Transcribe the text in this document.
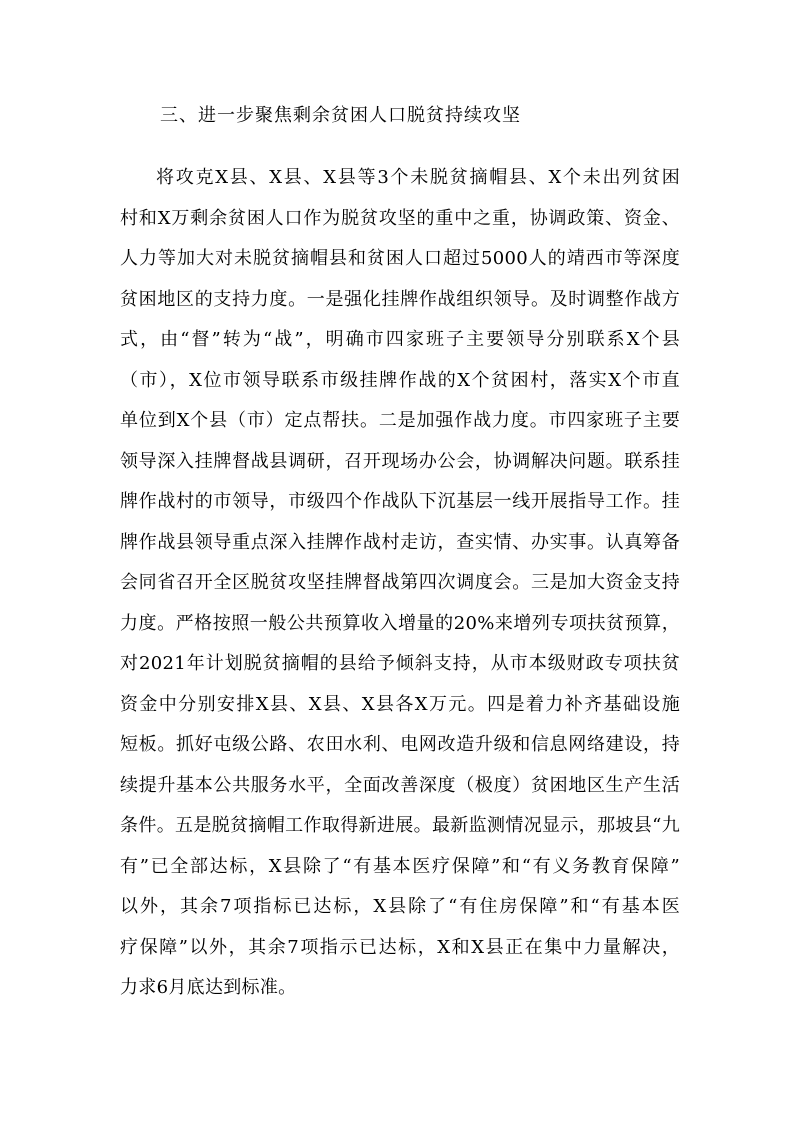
三、进一步聚焦剩余贫困人口脱贫持续攻坚
将攻克X县、X县、X县等3个未脱贫摘帽县、X个未出列贫困
村和X万剩余贫困人口作为脱贫攻坚的重中之重，协调政策、资金、
人力等加大对未脱贫摘帽县和贫困人口超过5000人的靖西市等深度
贫困地区的支持力度。一是强化挂牌作战组织领导。及时调整作战方
式，由“督”转为“战”，明确市四家班子主要领导分别联系X个县
（市），X位市领导联系市级挂牌作战的X个贫困村，落实X个市直
单位到X个县（市）定点帮扶。二是加强作战力度。市四家班子主要
领导深入挂牌督战县调研，召开现场办公会，协调解决问题。联系挂
牌作战村的市领导，市级四个作战队下沉基层一线开展指导工作。挂
牌作战县领导重点深入挂牌作战村走访，查实情、办实事。认真筹备
会同省召开全区脱贫攻坚挂牌督战第四次调度会。三是加大资金支持
力度。严格按照一般公共预算收入增量的20%来增列专项扶贫预算，
对2021年计划脱贫摘帽的县给予倾斜支持，从市本级财政专项扶贫
资金中分别安排X县、X县、X县各X万元。四是着力补齐基础设施
短板。抓好屯级公路、农田水利、电网改造升级和信息网络建设，持
续提升基本公共服务水平，全面改善深度（极度）贫困地区生产生活
条件。五是脱贫摘帽工作取得新进展。最新监测情况显示，那坡县“九
有”已全部达标，X县除了“有基本医疗保障”和“有义务教育保障”
以外，其余7项指标已达标，X县除了“有住房保障”和“有基本医
疗保障”以外，其余7项指示已达标，X和X县正在集中力量解决，
力求6月底达到标准。
